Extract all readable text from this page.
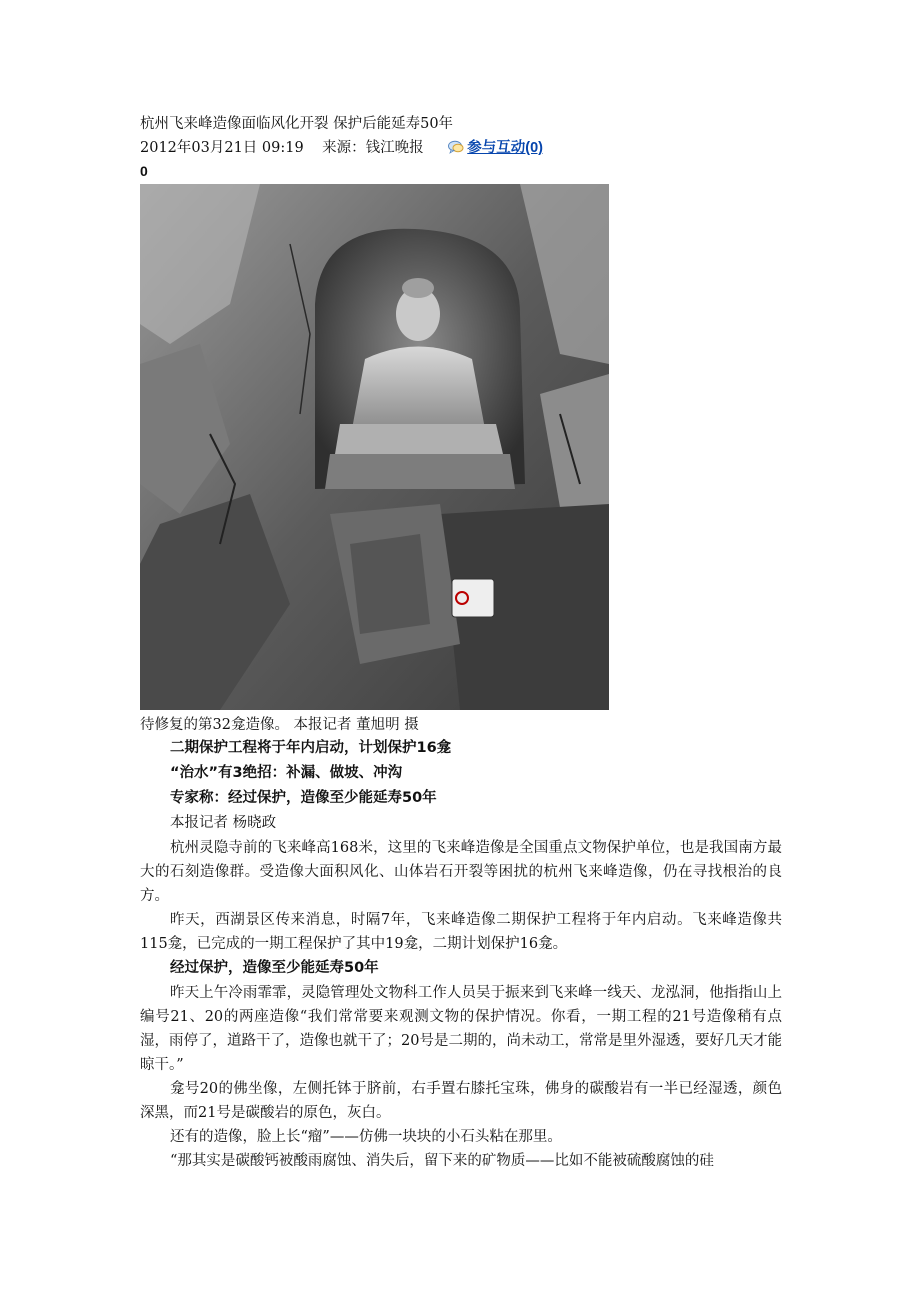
杭州飞来峰造像面临风化开裂 保护后能延寿50年
2012年03月21日 09:19 来源：钱江晚报	参与互动(0)
0
待修复的第32龛造像。 本报记者 董旭明 摄
二期保护工程将于年内启动，计划保护16龛
“治水”有3绝招：补漏、做坡、冲沟
专家称：经过保护，造像至少能延寿50年
本报记者 杨晓政

杭州灵隐寺前的飞来峰高168米，这里的飞来峰造像是全国重点文物保护单位，也是我国南方最大的石刻造像群。受造像大面积风化、山体岩石开裂等困扰的杭州飞来峰造像，仍在寻找根治的良方。

昨天，西湖景区传来消息，时隔7年，飞来峰造像二期保护工程将于年内启动。飞来峰造像共115龛，已完成的一期工程保护了其中19龛，二期计划保护16龛。

经过保护，造像至少能延寿50年

昨天上午冷雨霏霏，灵隐管理处文物科工作人员吴于振来到飞来峰一线天、龙泓洞，他指指山上编号21、20的两座造像“我们常常要来观测文物的保护情况。你看，一期工程的21号造像稍有点湿，雨停了，道路干了，造像也就干了；20号是二期的，尚未动工，常常是里外湿透，要好几天才能晾干。”

龛号20的佛坐像，左侧托钵于脐前，右手置右膝托宝珠，佛身的碳酸岩有一半已经湿透，颜色深黑，而21号是碳酸岩的原色，灰白。

还有的造像，脸上长“瘤”——仿佛一块块的小石头粘在那里。

“那其实是碳酸钙被酸雨腐蚀、消失后，留下来的矿物质——比如不能被硫酸腐蚀的硅
